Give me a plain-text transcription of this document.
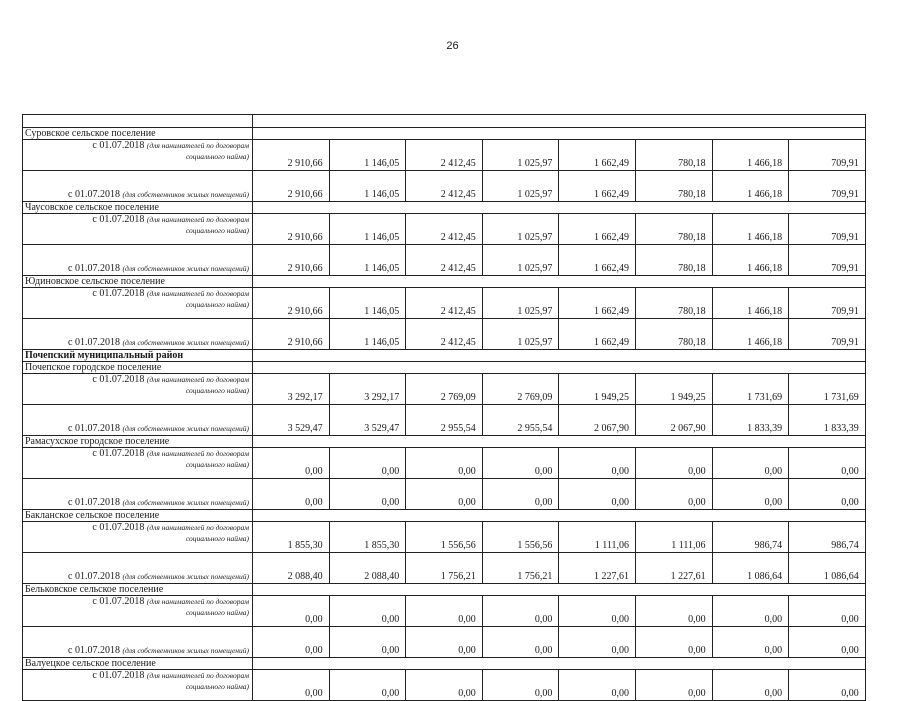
26

Суровское сельское поселение								

с 01.07.2018 (для нанимателей по договорам
социального найма)	2 910,66	1 146,05	2 412,45	1 025,97	1 662,49	780,18	1 466,18	709,91

с 01.07.2018 (для собственников жилых помещений)	2 910,66	1 146,05	2 412,45	1 025,97	1 662,49	780,18	1 466,18	709,91
Чаусовское сельское поселение								

с 01.07.2018 (для нанимателей по договорам
социального найма)	2 910,66	1 146,05	2 412,45	1 025,97	1 662,49	780,18	1 466,18	709,91

с 01.07.2018 (для собственников жилых помещений)	2 910,66	1 146,05	2 412,45	1 025,97	1 662,49	780,18	1 466,18	709,91
Юдиновское сельское поселение								

с 01.07.2018 (для нанимателей по договорам
социального найма)	2 910,66	1 146,05	2 412,45	1 025,97	1 662,49	780,18	1 466,18	709,91

с 01.07.2018 (для собственников жилых помещений)	2 910,66	1 146,05	2 412,45	1 025,97	1 662,49	780,18	1 466,18	709,91
Почепский муниципальный район								
Почепское городское поселение								

с 01.07.2018 (для нанимателей по договорам
социального найма)	3 292,17	3 292,17	2 769,09	2 769,09	1 949,25	1 949,25	1 731,69	1 731,69

с 01.07.2018 (для собственников жилых помещений)	3 529,47	3 529,47	2 955,54	2 955,54	2 067,90	2 067,90	1 833,39	1 833,39
Рамасухское городское поселение								

с 01.07.2018 (для нанимателей по договорам
социального найма)	0,00	0,00	0,00	0,00	0,00	0,00	0,00	0,00

с 01.07.2018 (для собственников жилых помещений)	0,00	0,00	0,00	0,00	0,00	0,00	0,00	0,00
Бакланское сельское поселение								

с 01.07.2018 (для нанимателей по договорам
социального найма)	1 855,30	1 855,30	1 556,56	1 556,56	1 111,06	1 111,06	986,74	986,74

с 01.07.2018 (для собственников жилых помещений)	2 088,40	2 088,40	1 756,21	1 756,21	1 227,61	1 227,61	1 086,64	1 086,64
Бельковское сельское поселение								

с 01.07.2018 (для нанимателей по договорам
социального найма)	0,00	0,00	0,00	0,00	0,00	0,00	0,00	0,00

с 01.07.2018 (для собственников жилых помещений)	0,00	0,00	0,00	0,00	0,00	0,00	0,00	0,00
Валуецкое сельское поселение								

с 01.07.2018 (для нанимателей по договорам
социального найма)	0,00	0,00	0,00	0,00	0,00	0,00	0,00	0,00
